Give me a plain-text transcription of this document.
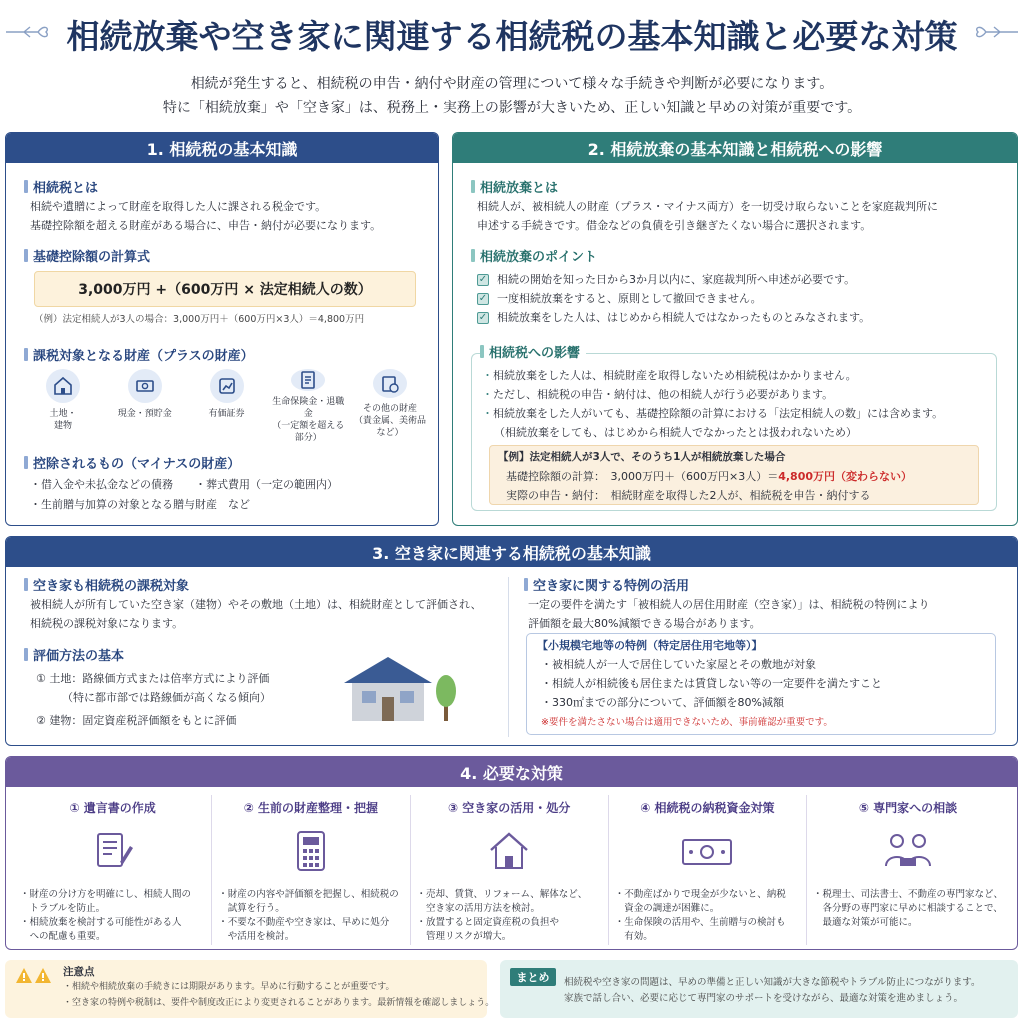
相続放棄や空き家に関連する相続税の基本知識と必要な対策
相続が発生すると、相続税の申告・納付や財産の管理について様々な手続きや判断が必要になります。
特に「相続放棄」や「空き家」は、税務上・実務上の影響が大きいため、正しい知識と早めの対策が重要です。
1. 相続税の基本知識
相続税とは
相続や遺贈によって財産を取得した人に課される税金です。
基礎控除額を超える財産がある場合に、申告・納付が必要になります。
基礎控除額の計算式
3,000万円 +（600万円 × 法定相続人の数）
（例）法定相続人が3人の場合：3,000万円＋（600万円×3人）＝4,800万円
課税対象となる財産（プラスの財産）
土地・
建物
現金・預貯金	有価証券
生命保険金・退職金
（一定額を超える部分）
その他の財産
（貴金属、美術品など）
控除されるもの（マイナスの財産）
・借入金や未払金などの債務　　・葬式費用（一定の範囲内）
・生前贈与加算の対象となる贈与財産　など
2. 相続放棄の基本知識と相続税への影響
相続放棄とは
相続人が、被相続人の財産（プラス・マイナス両方）を一切受け取らないことを家庭裁判所に
申述する手続きです。借金などの負債を引き継ぎたくない場合に選択されます。
相続放棄のポイント
✓ 相続の開始を知った日から3か月以内に、家庭裁判所へ申述が必要です。
✓ 一度相続放棄をすると、原則として撤回できません。
✓ 相続放棄をした人は、はじめから相続人ではなかったものとみなされます。
相続税への影響
・ 相続放棄をした人は、相続財産を取得しないため相続税はかかりません。
・ ただし、相続税の申告・納付は、他の相続人が行う必要があります。
・ 相続放棄をした人がいても、基礎控除額の計算における「法定相続人の数」には含めます。
（相続放棄をしても、はじめから相続人でなかったとは扱われないため）
【例】法定相続人が3人で、そのうち1人が相続放棄した場合
基礎控除額の計算：　 3,000万円＋（600万円×3人）＝4,800万円（変わらない）
実際の申告・納付：　 相続財産を取得した2人が、相続税を申告・納付する
3. 空き家に関連する相続税の基本知識
空き家も相続税の課税対象
被相続人が所有していた空き家（建物）やその敷地（土地）は、相続財産として評価され、
相続税の課税対象になります。
評価方法の基本
① 土地：路線価方式または倍率方式により評価
（特に都市部では路線価が高くなる傾向）
② 建物：固定資産税評価額をもとに評価
空き家に関する特例の活用
一定の要件を満たす「被相続人の居住用財産（空き家）」は、相続税の特例により
評価額を最大80%減額できる場合があります。
【小規模宅地等の特例（特定居住用宅地等）】
・被相続人が一人で居住していた家屋とその敷地が対象
・相続人が相続後も居住または賃貸しない等の一定要件を満たすこと
・330㎡までの部分について、評価額を80%減額
※要件を満たさない場合は適用できないため、事前確認が重要です。
4. 必要な対策
① 遺言書の作成
・財産の分け方を明確にし、相続人間の
　トラブルを防止。
・相続放棄を検討する可能性がある人
　への配慮も重要。
② 生前の財産整理・把握
・財産の内容や評価額を把握し、相続税の
　試算を行う。
・不要な不動産や空き家は、早めに処分
　や活用を検討。
③ 空き家の活用・処分
・売却、賃貸、リフォーム、解体など、
　空き家の活用方法を検討。
・放置すると固定資産税の負担や
　管理リスクが増大。
④ 相続税の納税資金対策
・不動産ばかりで現金が少ないと、納税
　資金の調達が困難に。
・生命保険の活用や、生前贈与の検討も
　有効。
⑤ 専門家への相談
・税理士、司法書士、不動産の専門家など、
　各分野の専門家に早めに相談することで、
　最適な対策が可能に。
注意点
・相続や相続放棄の手続きには期限があります。早めに行動することが重要です。
・空き家の特例や税制は、要件や制度改正により変更されることがあります。最新情報を確認しましょう。
まとめ	相続税や空き家の問題は、早めの準備と正しい知識が大きな節税やトラブル防止につながります。
家族で話し合い、必要に応じて専門家のサポートを受けながら、最適な対策を進めましょう。
